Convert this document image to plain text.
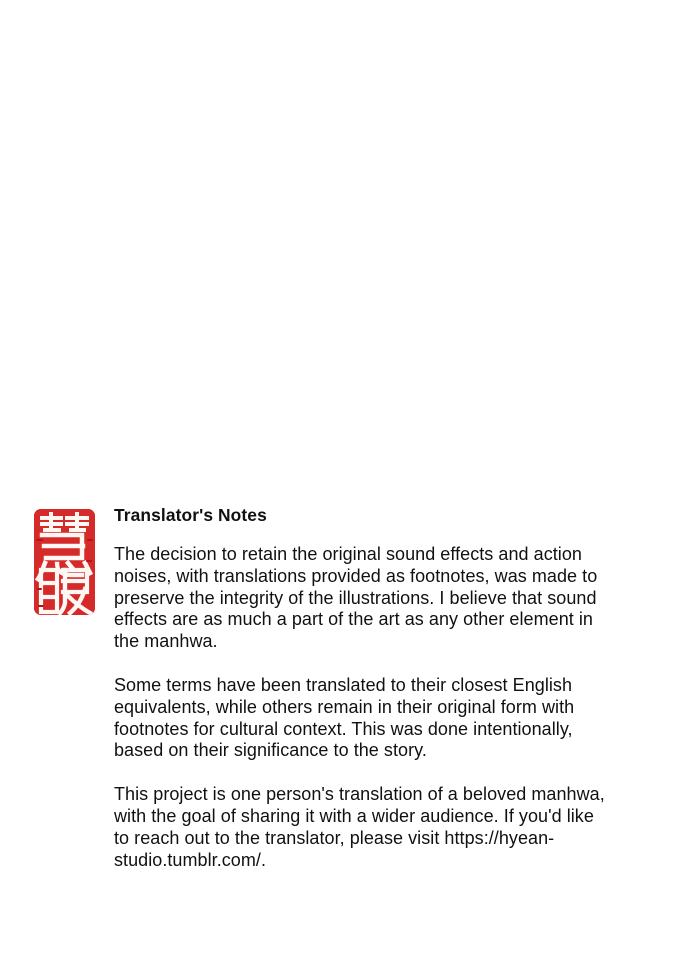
Translator's Notes

The decision to retain the original sound effects and action noises, with translations provided as footnotes, was made to preserve the integrity of the illustrations. I believe that sound effects are as much a part of the art as any other element in the manhwa.

Some terms have been translated to their closest English equivalents, while others remain in their original form with footnotes for cultural context. This was done intentionally, based on their significance to the story.

This project is one person's translation of a beloved manhwa, with the goal of sharing it with a wider audience. If you'd like to reach out to the translator, please visit https://hyean-studio.tumblr.com/.
